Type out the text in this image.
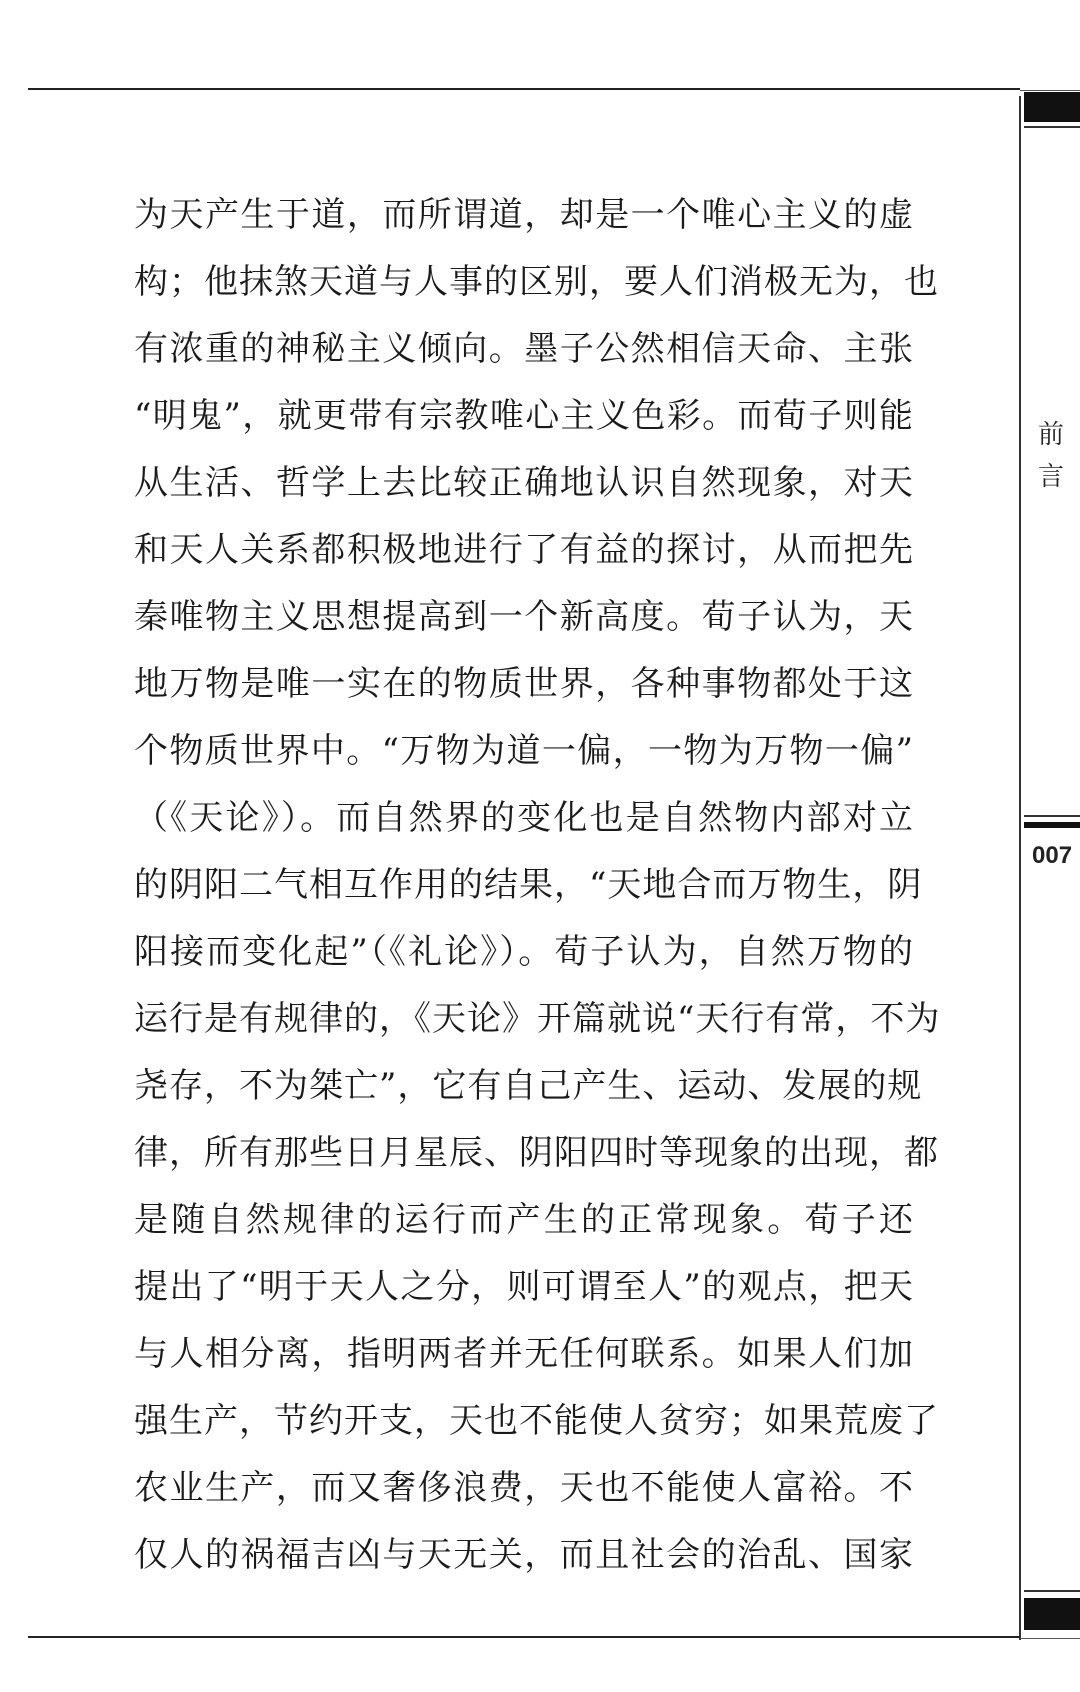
前言
007
为天产生于道，而所谓道，却是一个唯心主义的虚
构；他抹煞天道与人事的区别，要人们消极无为，也
有浓重的神秘主义倾向。墨子公然相信天命、主张
“明鬼”，就更带有宗教唯心主义色彩。而荀子则能
从生活、哲学上去比较正确地认识自然现象，对天
和天人关系都积极地进行了有益的探讨，从而把先
秦唯物主义思想提高到一个新高度。荀子认为，天
地万物是唯一实在的物质世界，各种事物都处于这
个物质世界中。“万物为道一偏，一物为万物一偏”
（《天论》）。而自然界的变化也是自然物内部对立
的阴阳二气相互作用的结果，“天地合而万物生，阴
阳接而变化起”（《礼论》）。荀子认为，自然万物的
运行是有规律的，《天论》开篇就说“天行有常，不为
尧存，不为桀亡”，它有自己产生、运动、发展的规
律，所有那些日月星辰、阴阳四时等现象的出现，都
是随自然规律的运行而产生的正常现象。荀子还
提出了“明于天人之分，则可谓至人”的观点，把天
与人相分离，指明两者并无任何联系。如果人们加
强生产，节约开支，天也不能使人贫穷；如果荒废了
农业生产，而又奢侈浪费，天也不能使人富裕。不
仅人的祸福吉凶与天无关，而且社会的治乱、国家
